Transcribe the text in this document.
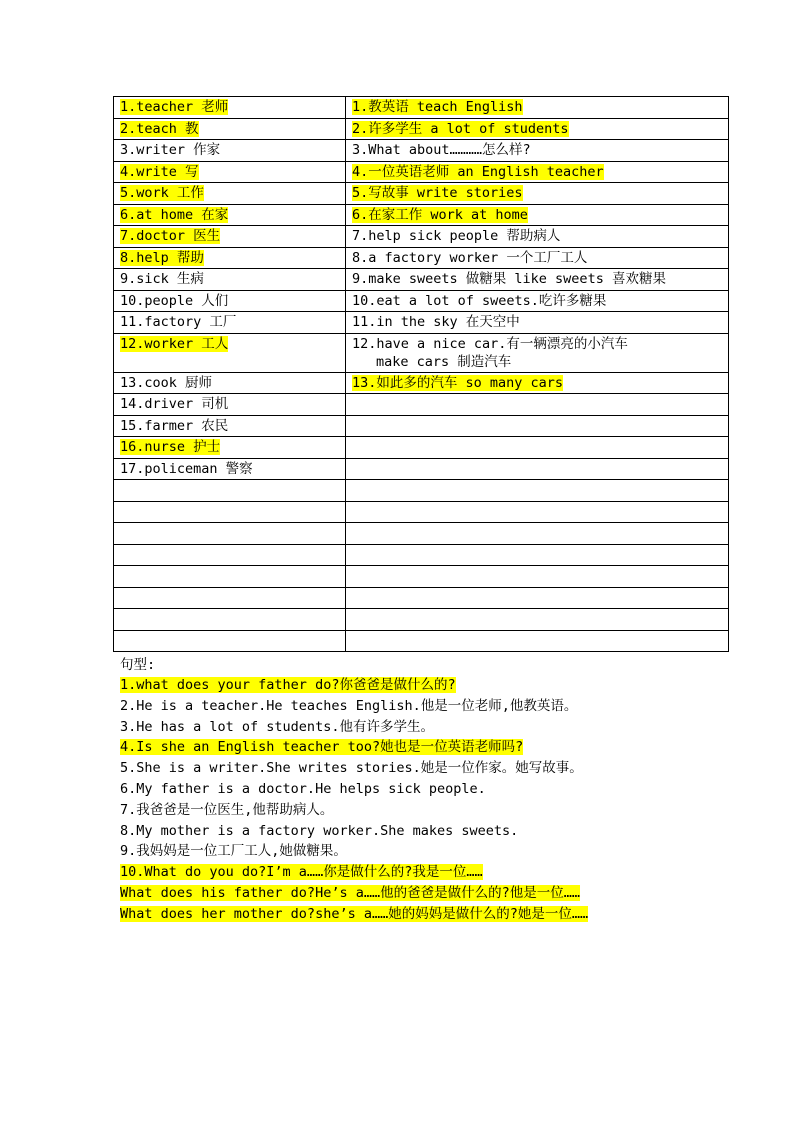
1.teacher 老师	1.教英语 teach English
2.teach 教	2.许多学生 a lot of students
3.writer 作家	3.What about…………怎么样?
4.write 写	4.一位英语老师 an English teacher
5.work 工作	5.写故事 write stories
6.at home 在家	6.在家工作 work at home
7.doctor 医生	7.help sick people 帮助病人
8.help 帮助	8.a factory worker 一个工厂工人
9.sick 生病	9.make sweets 做糖果 like sweets 喜欢糖果
10.people 人们	10.eat a lot of sweets.吃许多糖果
11.factory 工厂	11.in the sky 在天空中
12.worker 工人	12.have a nice car.有一辆漂亮的小汽车
make cars 制造汽车

13.cook 厨师	13.如此多的汽车 so many cars
14.driver 司机	
15.farmer 农民	
16.nurse 护士	
17.policeman 警察	

句型:

1.what does your father do?你爸爸是做什么的?

2.He is a teacher.He teaches English.他是一位老师,他教英语。

3.He has a lot of students.他有许多学生。

4.Is she an English teacher too?她也是一位英语老师吗?

5.She is a writer.She writes stories.她是一位作家。她写故事。

6.My father is a doctor.He helps sick people.

7.我爸爸是一位医生,他帮助病人。

8.My mother is a factory worker.She makes sweets.

9.我妈妈是一位工厂工人,她做糖果。

10.What do you do?I’m a……你是做什么的?我是一位……

What does his father do?He’s a……他的爸爸是做什么的?他是一位……

What does her mother do?she’s a……她的妈妈是做什么的?她是一位……
